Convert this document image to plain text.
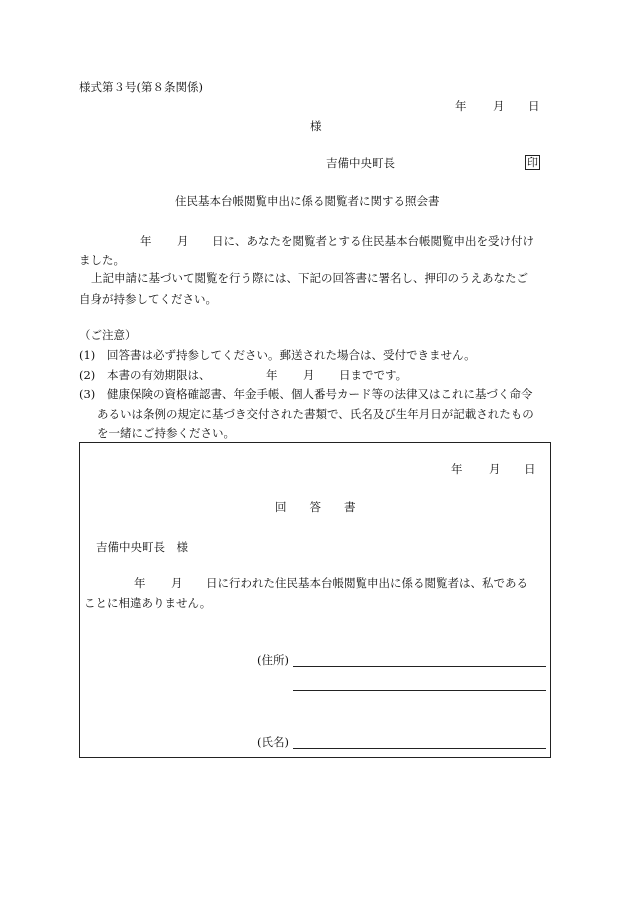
様式第３号(第８条関係)
年 月 日
様
吉備中央町長	印
住民基本台帳閲覧申出に係る閲覧者に関する照会書
年 月 日に、あなたを閲覧者とする住民基本台帳閲覧申出を受け付け
ました。
上記申請に基づいて閲覧を行う際には、下記の回答書に署名し、押印のうえあなたご
自身が持参してください。
（ご注意）
(1) 回答書は必ず持参してください。郵送された場合は、受付できません。
(2) 本書の有効期限は、	年 月 日までです。
(3) 健康保険の資格確認書、年金手帳、個人番号カード等の法律又はこれに基づく命令
あるいは条例の規定に基づき交付された書類で、氏名及び生年月日が記載されたもの
を一緒にご持参ください。
年 月 日
回　　答　　書
吉備中央町長　様
年 月 日に行われた住民基本台帳閲覧申出に係る閲覧者は、私である
ことに相違ありません。
(住所)
(氏名)
